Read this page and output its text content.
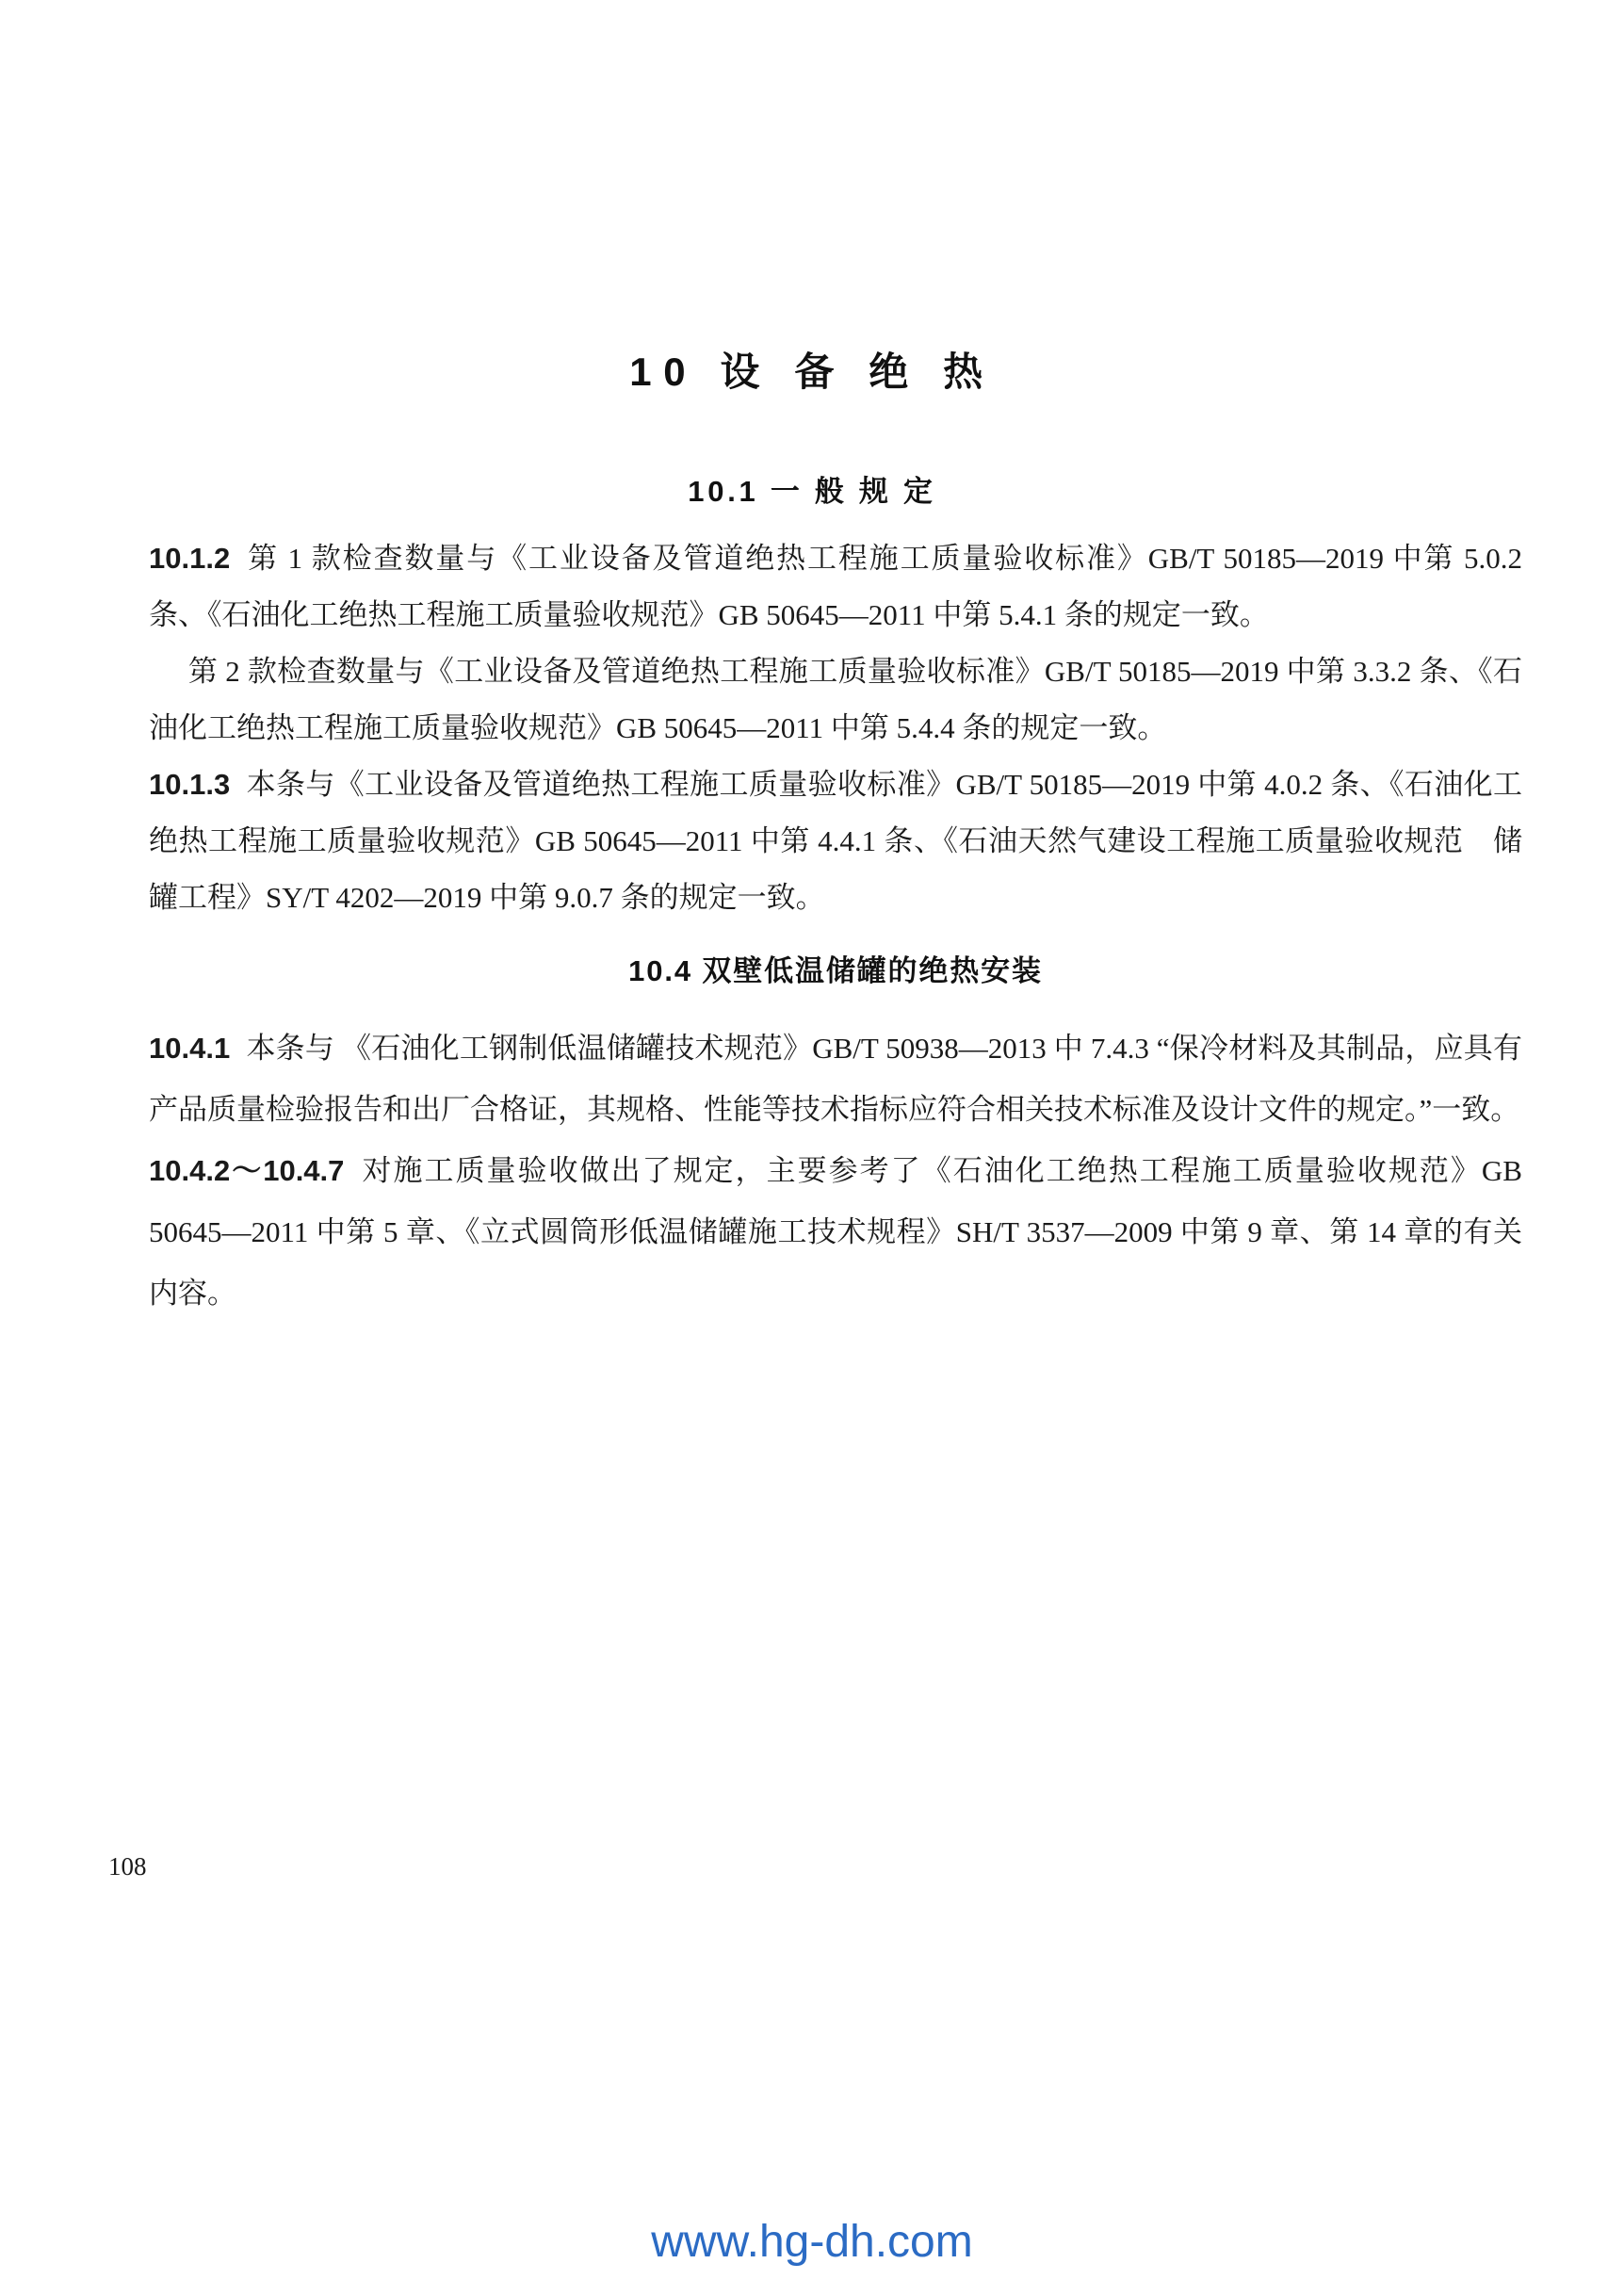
10 设 备 绝 热
10.1 一 般 规 定

10.1.2 第 1 款检查数量与《工业设备及管道绝热工程施工质量验收标准》GB/T 50185—2019 中第 5.0.2 条、《石油化工绝热工程施工质量验收规范》GB 50645—2011 中第 5.4.1 条的规定一致。

第 2 款检查数量与《工业设备及管道绝热工程施工质量验收标准》GB/T 50185—2019 中第 3.3.2 条、《石油化工绝热工程施工质量验收规范》GB 50645—2011 中第 5.4.4 条的规定一致。

10.1.3 本条与《工业设备及管道绝热工程施工质量验收标准》GB/T 50185—2019 中第 4.0.2 条、《石油化工绝热工程施工质量验收规范》GB 50645—2011 中第 4.4.1 条、《石油天然气建设工程施工质量验收规范　储罐工程》SY/T 4202—2019 中第 9.0.7 条的规定一致。

10.4 双壁低温储罐的绝热安装

10.4.1 本条与 《石油化工钢制低温储罐技术规范》GB/T 50938—2013 中 7.4.3 “保冷材料及其制品，应具有产品质量检验报告和出厂合格证，其规格、性能等技术指标应符合相关技术标准及设计文件的规定。”一致。

10.4.2～10.4.7 对施工质量验收做出了规定，主要参考了《石油化工绝热工程施工质量验收规范》GB 50645—2011 中第 5 章、《立式圆筒形低温储罐施工技术规程》SH/T 3537—2009 中第 9 章、第 14 章的有关内容。

108
www.hg-dh.com
